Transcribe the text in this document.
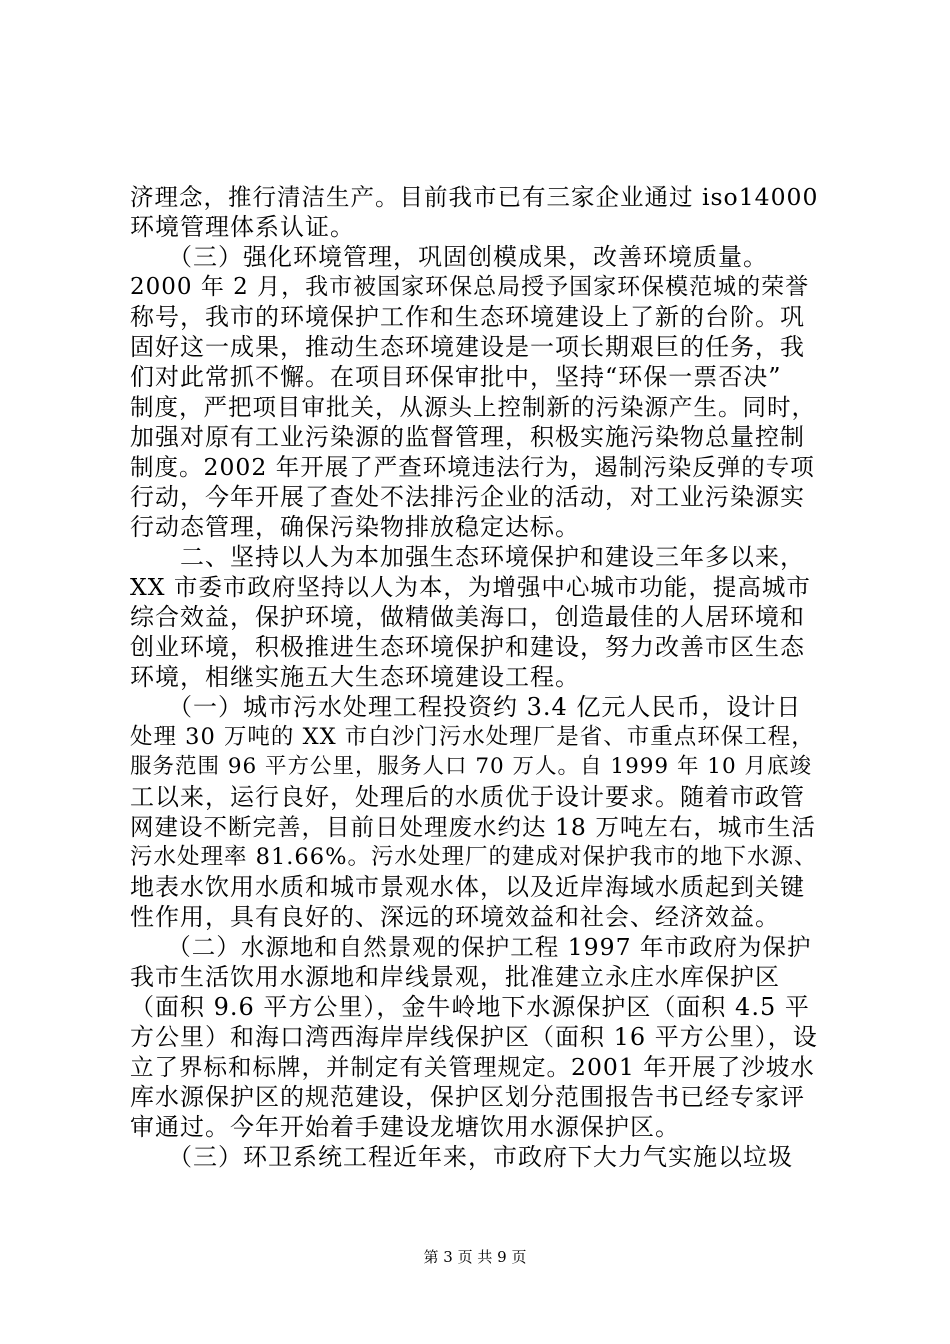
济理念，推行清洁生产。目前我市已有三家企业通过 iso14000
环境管理体系认证。
　　（三）强化环境管理，巩固创模成果，改善环境质量。
2000 年 2 月，我市被国家环保总局授予国家环保模范城的荣誉
称号，我市的环境保护工作和生态环境建设上了新的台阶。巩
固好这一成果，推动生态环境建设是一项长期艰巨的任务，我
们对此常抓不懈。在项目环保审批中，坚持“环保一票否决”
制度，严把项目审批关，从源头上控制新的污染源产生。同时，
加强对原有工业污染源的监督管理，积极实施污染物总量控制
制度。2002 年开展了严查环境违法行为，遏制污染反弹的专项
行动，今年开展了查处不法排污企业的活动，对工业污染源实
行动态管理，确保污染物排放稳定达标。
　　二、坚持以人为本加强生态环境保护和建设三年多以来，
XX 市委市政府坚持以人为本，为增强中心城市功能，提高城市
综合效益，保护环境，做精做美海口，创造最佳的人居环境和
创业环境，积极推进生态环境保护和建设，努力改善市区生态
环境，相继实施五大生态环境建设工程。
　　（一）城市污水处理工程投资约 3.4 亿元人民币，设计日
处理 30 万吨的 XX 市白沙门污水处理厂是省、市重点环保工程，
服务范围 96 平方公里，服务人口 70 万人。自 1999 年 10 月底竣
工以来，运行良好，处理后的水质优于设计要求。随着市政管
网建设不断完善，目前日处理废水约达 18 万吨左右，城市生活
污水处理率 81.66%。污水处理厂的建成对保护我市的地下水源、
地表水饮用水质和城市景观水体，以及近岸海域水质起到关键
性作用，具有良好的、深远的环境效益和社会、经济效益。
　　（二）水源地和自然景观的保护工程 1997 年市政府为保护
我市生活饮用水源地和岸线景观，批准建立永庄水库保护区
（面积 9.6 平方公里），金牛岭地下水源保护区（面积 4.5 平
方公里）和海口湾西海岸岸线保护区（面积 16 平方公里），设
立了界标和标牌，并制定有关管理规定。2001 年开展了沙坡水
库水源保护区的规范建设，保护区划分范围报告书已经专家评
审通过。今年开始着手建设龙塘饮用水源保护区。
　　（三）环卫系统工程近年来，市政府下大力气实施以垃圾
第 3 页 共 9 页
